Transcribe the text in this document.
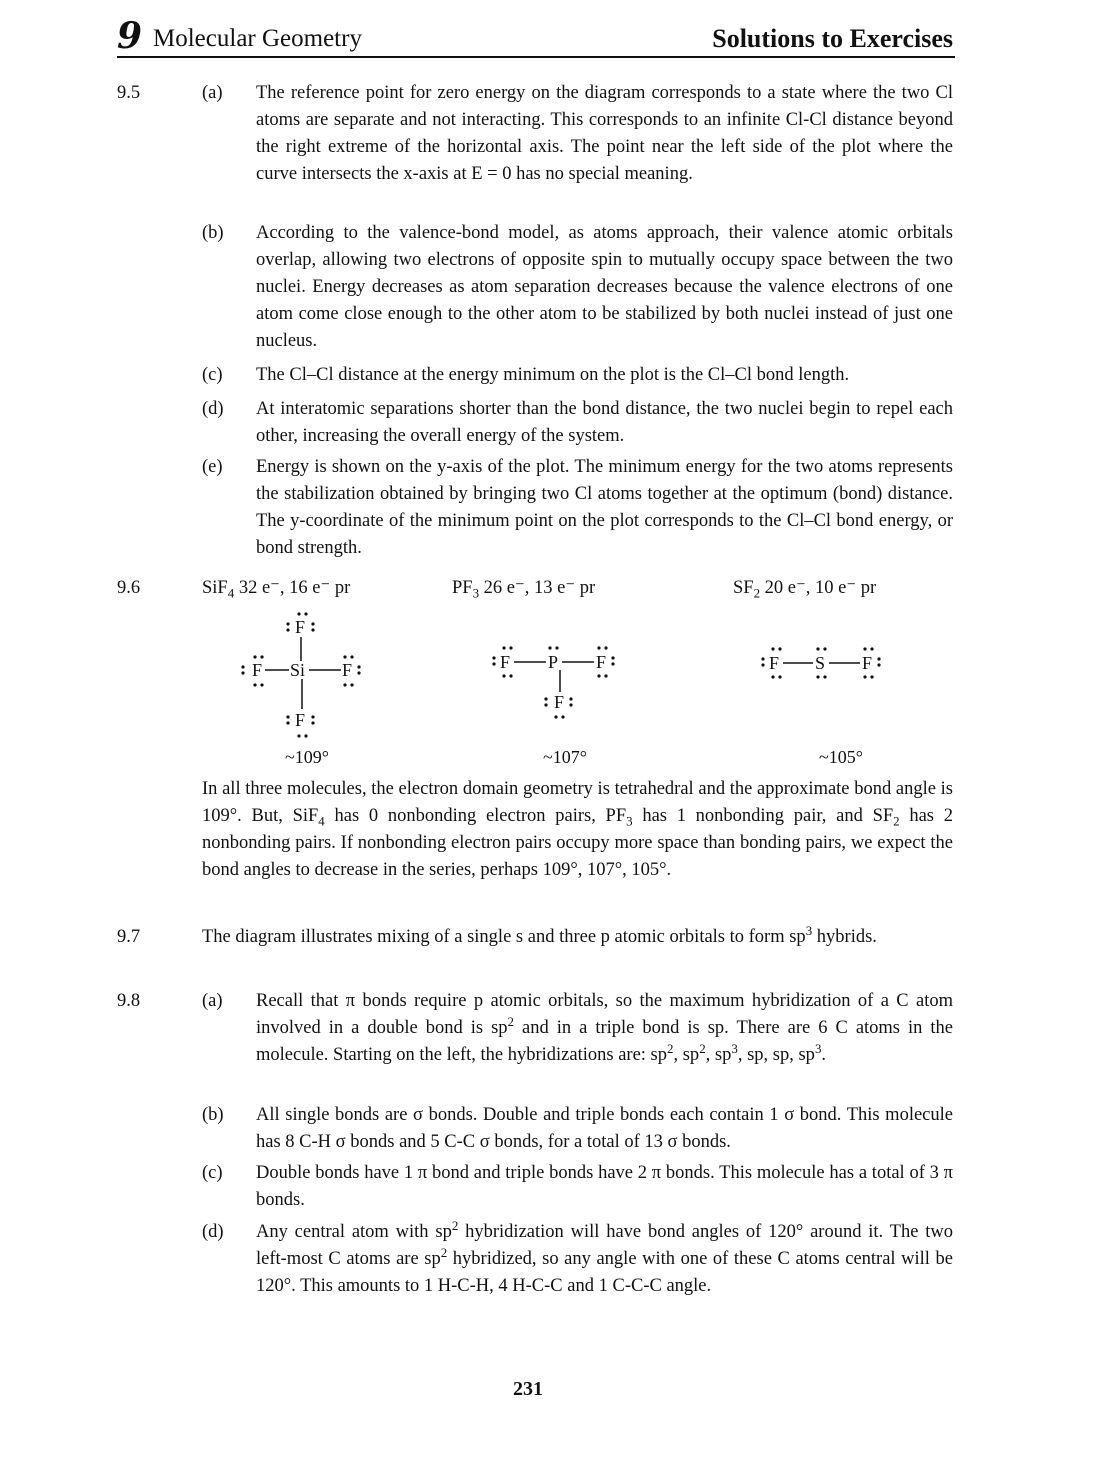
9 Molecular Geometry	Solutions to Exercises
9.5	(a) The reference point for zero energy on the diagram corresponds to a state where the two Cl atoms are separate and not interacting. This corresponds to an infinite Cl-Cl distance beyond the right extreme of the horizontal axis. The point near the left side of the plot where the curve intersects the x-axis at E = 0 has no special meaning.
(b) According to the valence-bond model, as atoms approach, their valence atomic orbitals overlap, allowing two electrons of opposite spin to mutually occupy space between the two nuclei. Energy decreases as atom separation decreases because the valence electrons of one atom come close enough to the other atom to be stabilized by both nuclei instead of just one nucleus.
(c) The Cl–Cl distance at the energy minimum on the plot is the Cl–Cl bond length.
(d) At interatomic separations shorter than the bond distance, the two nuclei begin to repel each other, increasing the overall energy of the system.
(e) Energy is shown on the y-axis of the plot. The minimum energy for the two atoms represents the stabilization obtained by bringing two Cl atoms together at the optimum (bond) distance. The y-coordinate of the minimum point on the plot corresponds to the Cl–Cl bond energy, or bond strength.
9.6	SiF$_4$ 32 e⁻, 16 e⁻ pr	$PF_3$ 26 e⁻, 13 e⁻ pr	$SF_2$ 20 e⁻, 10 e⁻ pr
F
F Si F
F
F P F
F
F S F
~109°	~107°	~105°
In all three molecules, the electron domain geometry is tetrahedral and the approximate bond angle is 109°. But, SiF$_4$ has 0 nonbonding electron pairs, $PF_3$ has 1 nonbonding pair, and $SF_2$ has 2 nonbonding pairs. If nonbonding electron pairs occupy more space than bonding pairs, we expect the bond angles to decrease in the series, perhaps 109°, 107°, 105°.
9.7	The diagram illustrates mixing of a single s and three p atomic orbitals to form $sp^3$ hybrids.
9.8	(a) Recall that π bonds require p atomic orbitals, so the maximum hybridization of a C atom involved in a double bond is $sp^2$ and in a triple bond is sp. There are 6 C atoms in the molecule. Starting on the left, the hybridizations are: $sp^2$, $sp^2$, $sp^3$, sp, sp, $sp^3$.
(b) All single bonds are σ bonds. Double and triple bonds each contain 1 σ bond. This molecule has 8 C-H σ bonds and 5 C-C σ bonds, for a total of 13 σ bonds.
(c) Double bonds have 1 π bond and triple bonds have 2 π bonds. This molecule has a total of 3 π bonds.
(d) Any central atom with $sp^2$ hybridization will have bond angles of 120° around it. The two left-most C atoms are $sp^2$ hybridized, so any angle with one of these C atoms central will be 120°. This amounts to 1 H-C-H, 4 H-C-C and 1 C-C-C angle.
231
